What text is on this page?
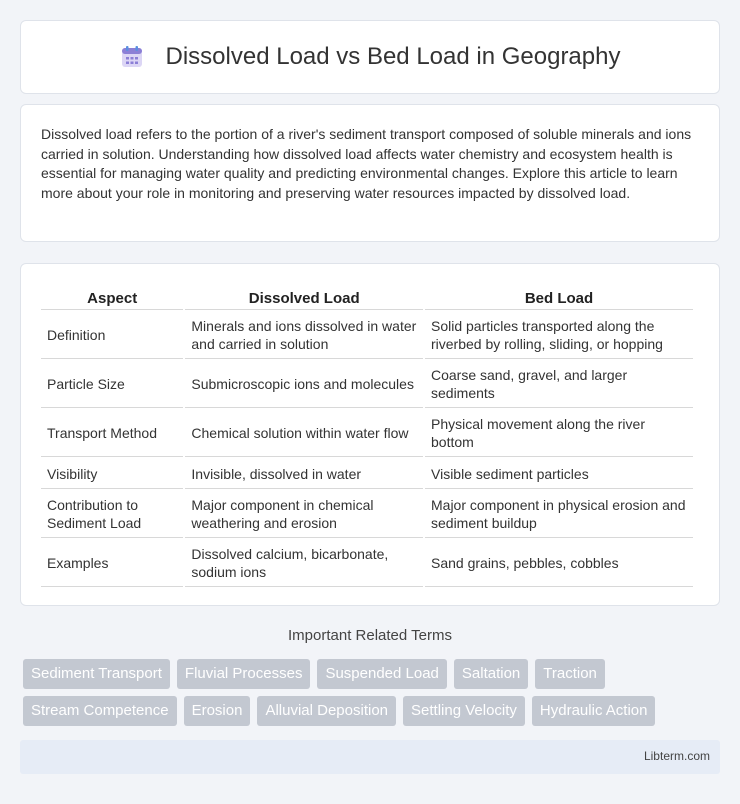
Dissolved Load vs Bed Load in Geography

Dissolved load refers to the portion of a river's sediment transport composed of soluble minerals and ions carried in solution. Understanding how dissolved load affects water chemistry and ecosystem health is essential for managing water quality and predicting environmental changes. Explore this article to learn more about your role in monitoring and preserving water resources impacted by dissolved load.

Aspect	Dissolved Load	Bed Load
Definition	Minerals and ions dissolved in water and carried in solution	Solid particles transported along the riverbed by rolling, sliding, or hopping
Particle Size	Submicroscopic ions and molecules	Coarse sand, gravel, and larger sediments
Transport Method	Chemical solution within water flow	Physical movement along the river bottom
Visibility	Invisible, dissolved in water	Visible sediment particles
Contribution to Sediment Load	Major component in chemical weathering and erosion	Major component in physical erosion and sediment buildup
Examples	Dissolved calcium, bicarbonate, sodium ions	Sand grains, pebbles, cobbles
Important Related Terms
Sediment Transport	Fluvial Processes	Suspended Load	Saltation	Traction
Stream Competence	Erosion	Alluvial Deposition	Settling Velocity	Hydraulic Action
Libterm.com
